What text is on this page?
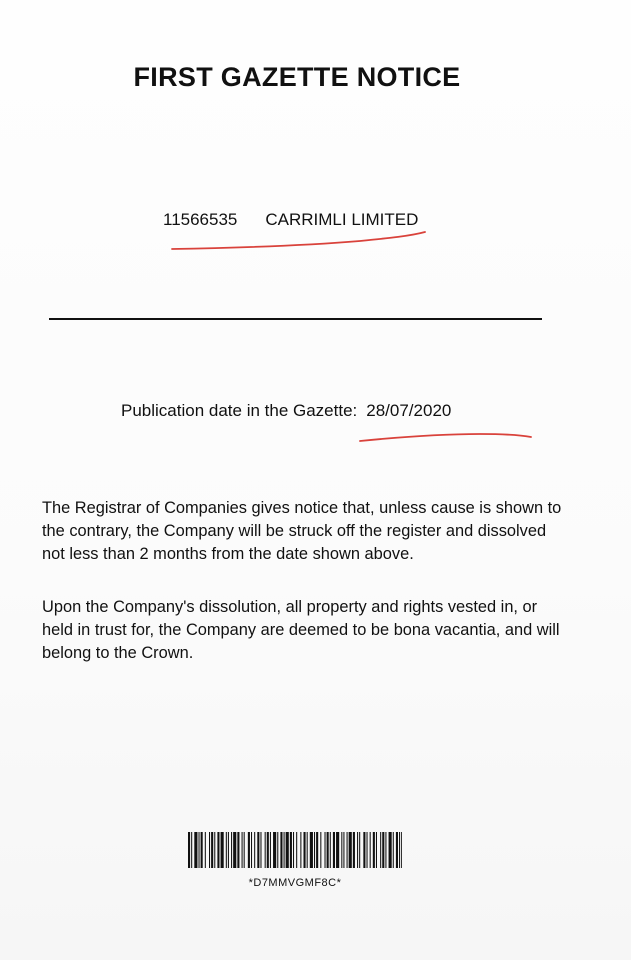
FIRST GAZETTE NOTICE
11566535 CARRIMLI LIMITED
Publication date in the Gazette: 28/07/2020
The Registrar of Companies gives notice that, unless cause is shown to the contrary, the Company will be struck off the register and dissolved not less than 2 months from the date shown above.
Upon the Company's dissolution, all property and rights vested in, or held in trust for, the Company are deemed to be bona vacantia, and will belong to the Crown.
*D7MMVGMF8C*
